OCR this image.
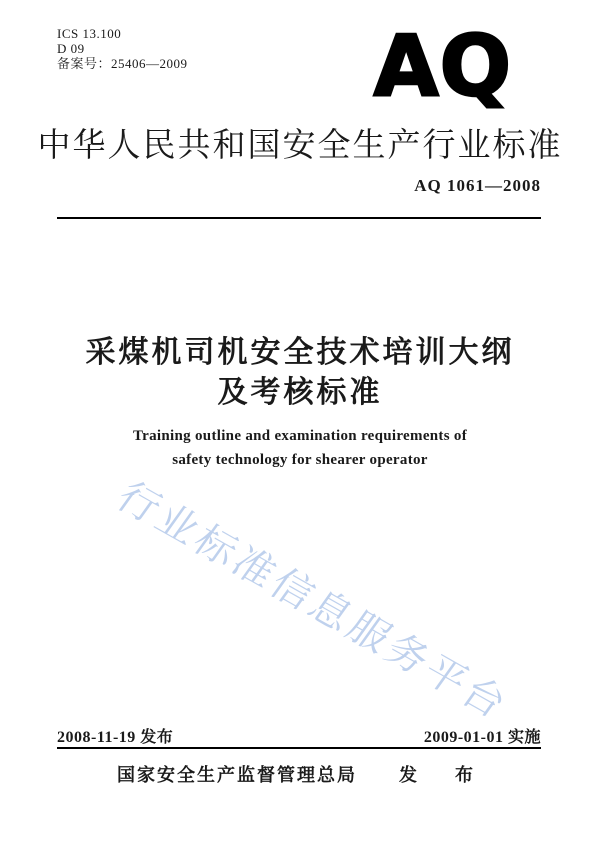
ICS 13.100
D 09
备案号：25406—2009 AQ
中华人民共和国安全生产行业标准
AQ 1061—2008
采煤机司机安全技术培训大纲
及考核标准
Training outline and examination requirements of
safety technology for shearer operator
行业标准信息服务平台
2008-11-19 发布	2009-01-01 实施
国家安全生产监督管理总局 发　布
